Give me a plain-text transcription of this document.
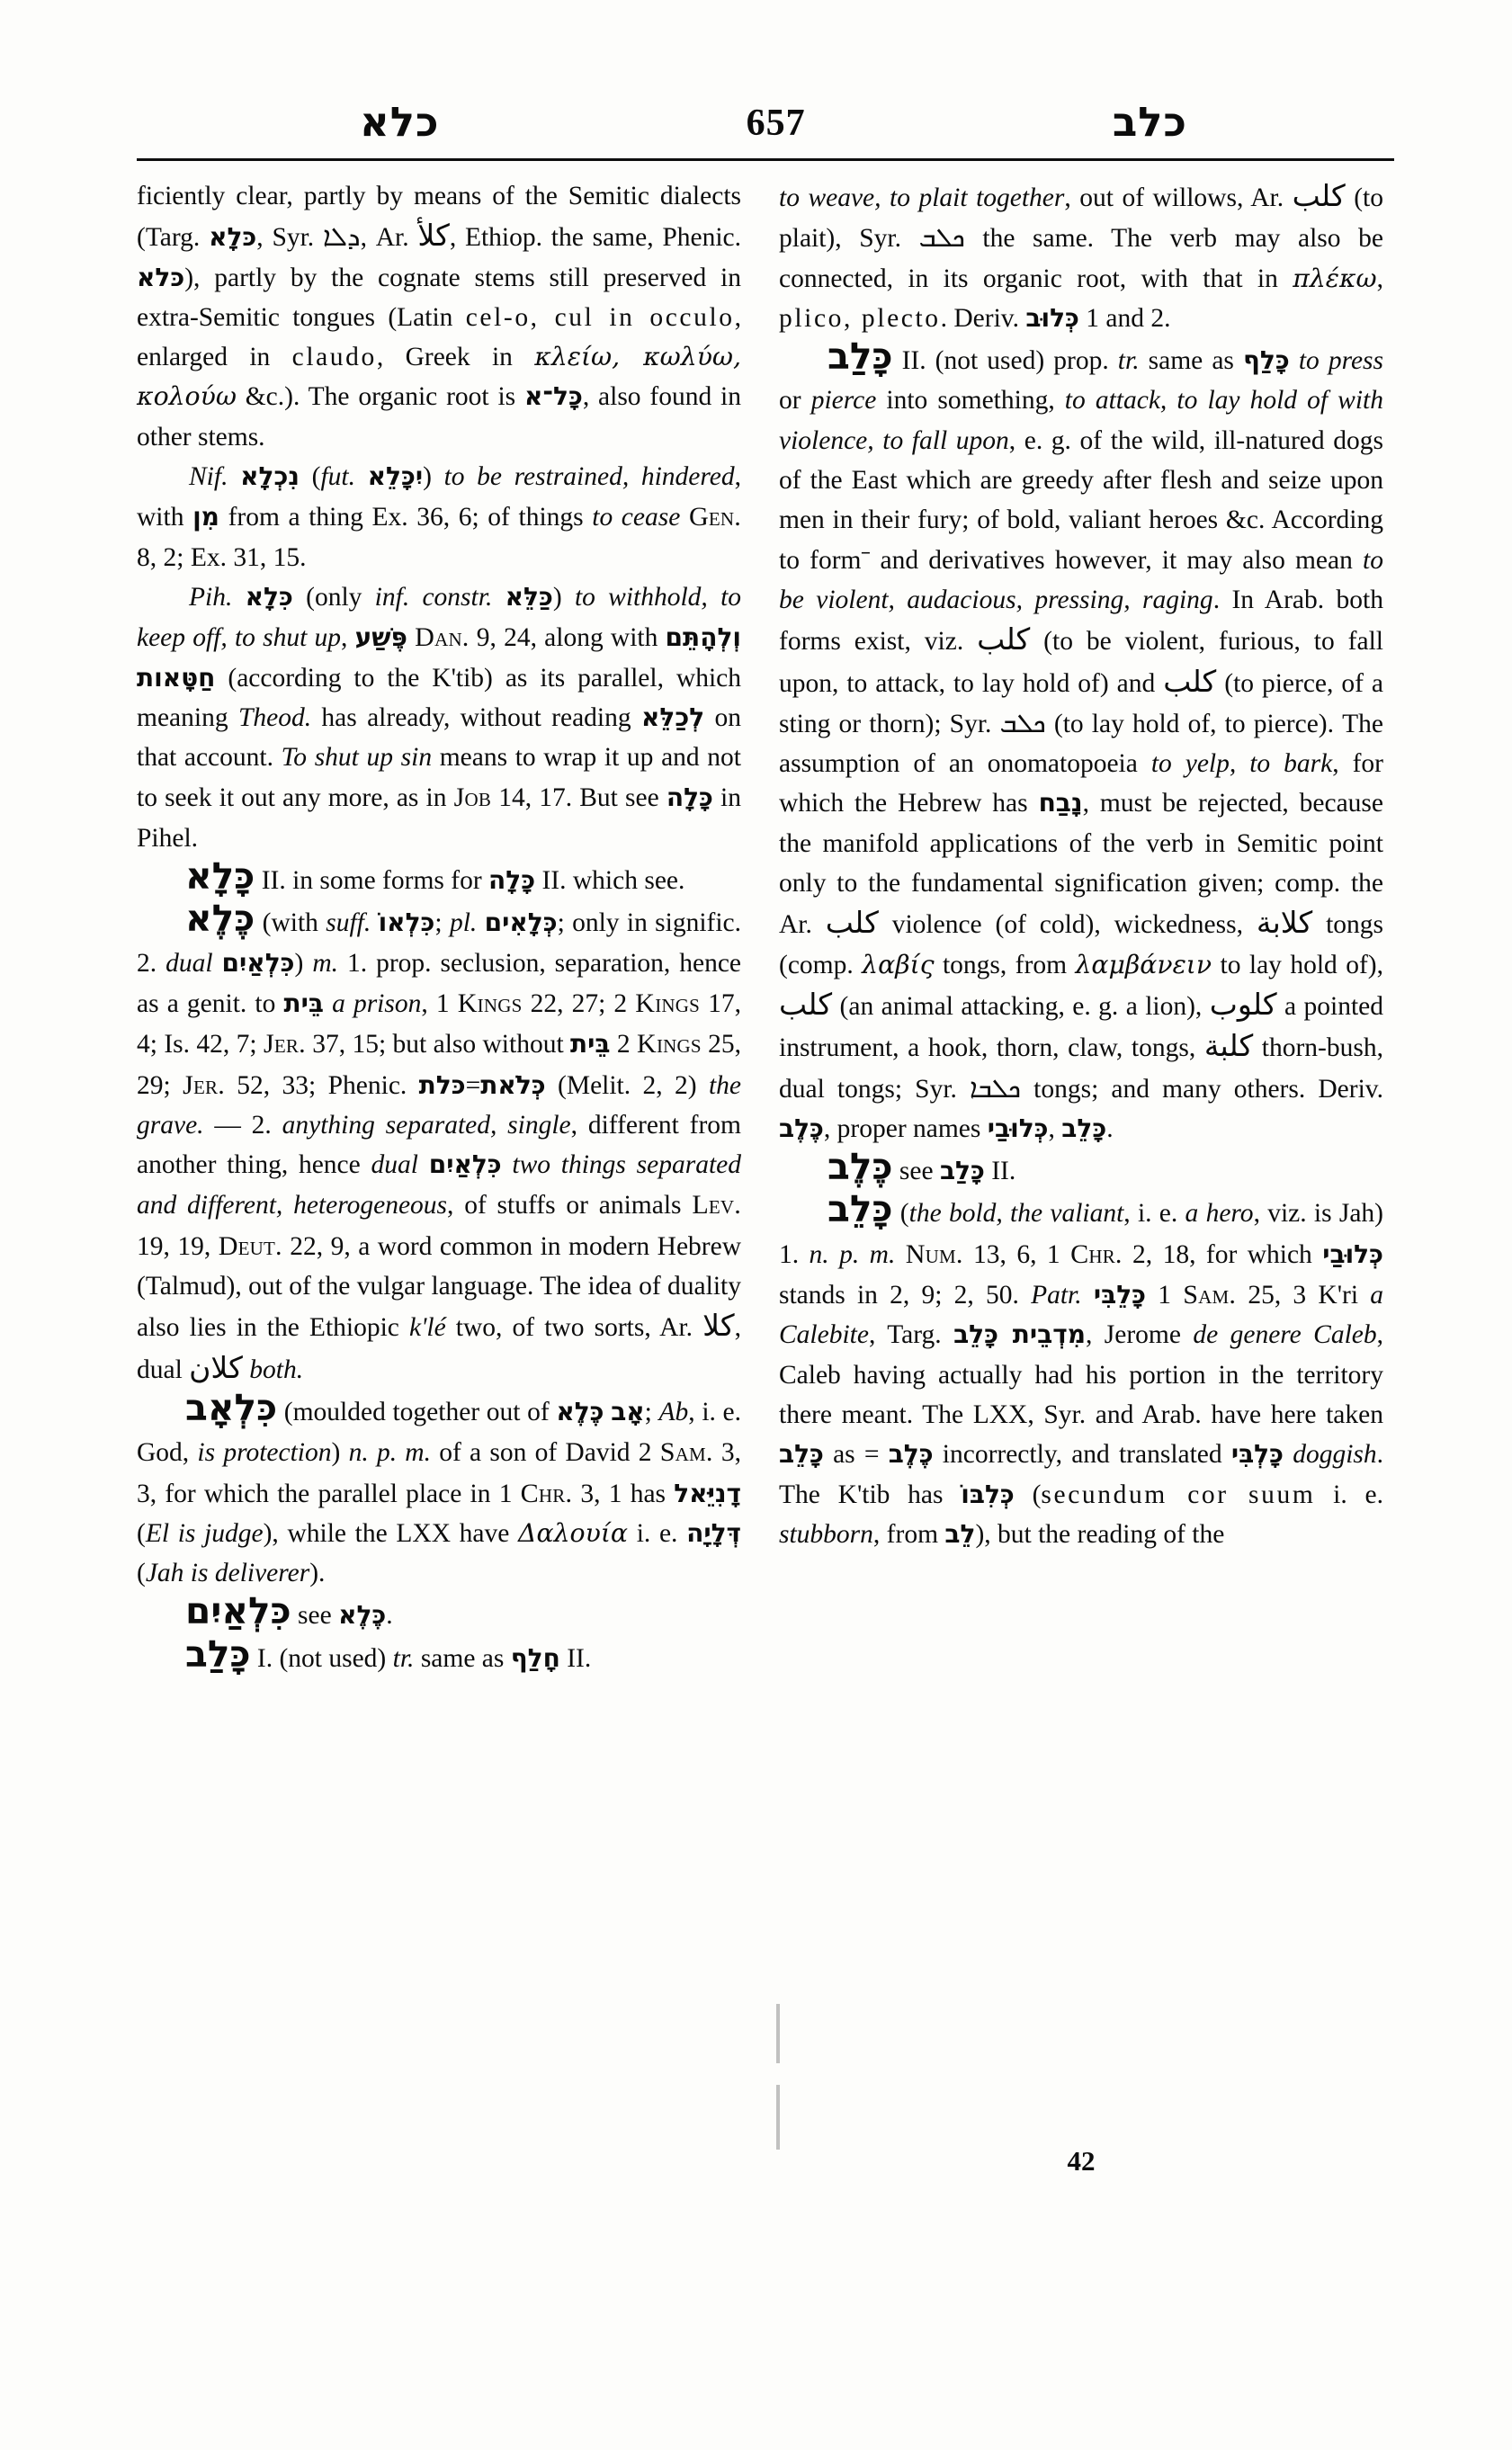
כלא	657	כלב

ficiently clear, partly by means of the Semitic dialects (Targ. כּלָא, Syr. ܕܠܐ, Ar. كلأ, Ethiop. the same, Phenic. כּלא), partly by the cognate stems still preserved in extra-Semitic tongues (Latin cel-o, cul in occulo, enlarged in claudo, Greek in κλείω, κωλύω, κολούω &c.). The organic root is כָּל־א, also found in other stems.

Nif. נִכְלָא (fut. יִכָּלֵא) to be restrained, hindered, with מִן from a thing Ex. 36, 6; of things to cease Gen. 8, 2; Ex. 31, 15.

Pih. כִּלָא (only inf. constr. כַּלֵּא) to withhold, to keep off, to shut up, פֶּשַׁע Dan. 9, 24, along with וְלְהָתֵּם חַטָּאות (according to the K'tib) as its parallel, which meaning Theod. has already, without reading לְכַלֵּא on that account. To shut up sin means to wrap it up and not to seek it out any more, as in Job 14, 17. But see כָּלָה in Pihel.

כָּלָא II. in some forms for כָּלָה II. which see.

כֶּלֶא (with suff. כִּלְאוֹ; pl. כְּלָאִים; only in signific. 2. dual כִּלְאַיִם) m. 1. prop. seclusion, separation, hence as a genit. to בֵּית a prison, 1 Kings 22, 27; 2 Kings 17, 4; Is. 42, 7; Jer. 37, 15; but also without בֵּית 2 Kings 25, 29; Jer. 52, 33; Phenic. כּלת=כְּלֹאת (Melit. 2, 2) the grave. — 2. anything separated, single, different from another thing, hence dual כִּלְאַיִם two things separated and different, heterogeneous, of stuffs or animals Lev. 19, 19, Deut. 22, 9, a word common in modern Hebrew (Talmud), out of the vulgar language. The idea of duality also lies in the Ethiopic k'lé two, of two sorts, Ar. كلا, dual كلان both.

כִּלְאָב (moulded together out of כֶּלֶא אָב; Ab, i. e. God, is protection) n. p. m. of a son of David 2 Sam. 3, 3, for which the parallel place in 1 Chr. 3, 1 has דָנִיֵּאל (El is judge), while the LXX have Δαλουία i. e. דְּלָיָה (Jah is deliverer).

כִּלְאַיִם see כֶּלֶא.

כָּלַב I. (not used) tr. same as חָלַף II.

to weave, to plait together, out of willows, Ar. كلب (to plait), Syr. ܟܠܒ the same. The verb may also be connected, in its organic root, with that in πλέκω, plico, plecto. Deriv. כְּלוּב 1 and 2.

כָּלַב II. (not used) prop. tr. same as כָּלַף to press or pierce into something, to attack, to lay hold of with violence, to fall upon, e. g. of the wild, ill-natured dogs of the East which are greedy after flesh and seize upon men in their fury; of bold, valiant heroes &c. According to formˉ and derivatives however, it may also mean to be violent, audacious, pressing, raging. In Arab. both forms exist, viz. كلب (to be violent, furious, to fall upon, to attack, to lay hold of) and كلب (to pierce, of a sting or thorn); Syr. ܟܠܒ (to lay hold of, to pierce). The assumption of an onomatopoeia to yelp, to bark, for which the Hebrew has נָבַח, must be rejected, because the manifold applications of the verb in Semitic point only to the fundamental signification given; comp. the Ar. كلب violence (of cold), wickedness, كلابة tongs (comp. λαβίς tongs, from λαμβάνειν to lay hold of), كلب (an animal attacking, e. g. a lion), كلوب a pointed instrument, a hook, thorn, claw, tongs, كلبة thorn-bush, dual tongs; Syr. ܟܠܒܐ tongs; and many others. Deriv. כֶּלֶב, proper names כְּלוּבַי, כָּלֵב.

כֶּלֶב see כָּלַב II.

כָּלֵב (the bold, the valiant, i. e. a hero, viz. is Jah) 1. n. p. m. Num. 13, 6, 1 Chr. 2, 18, for which כְּלוּבַי stands in 2, 9; 2, 50. Patr. כָּלֵבִּי 1 Sam. 25, 3 K'ri a Calebite, Targ. מִדְבֵית כָּלֵב, Jerome de genere Caleb, Caleb having actually had his portion in the territory there meant. The LXX, Syr. and Arab. have here taken כָּלֵב as = כֶּלֶב incorrectly, and translated כָּלְבִּי doggish. The K'tib has כְּלִבּוֹ (secundum cor suum i. e. stubborn, from לֵב), but the reading of the

42
